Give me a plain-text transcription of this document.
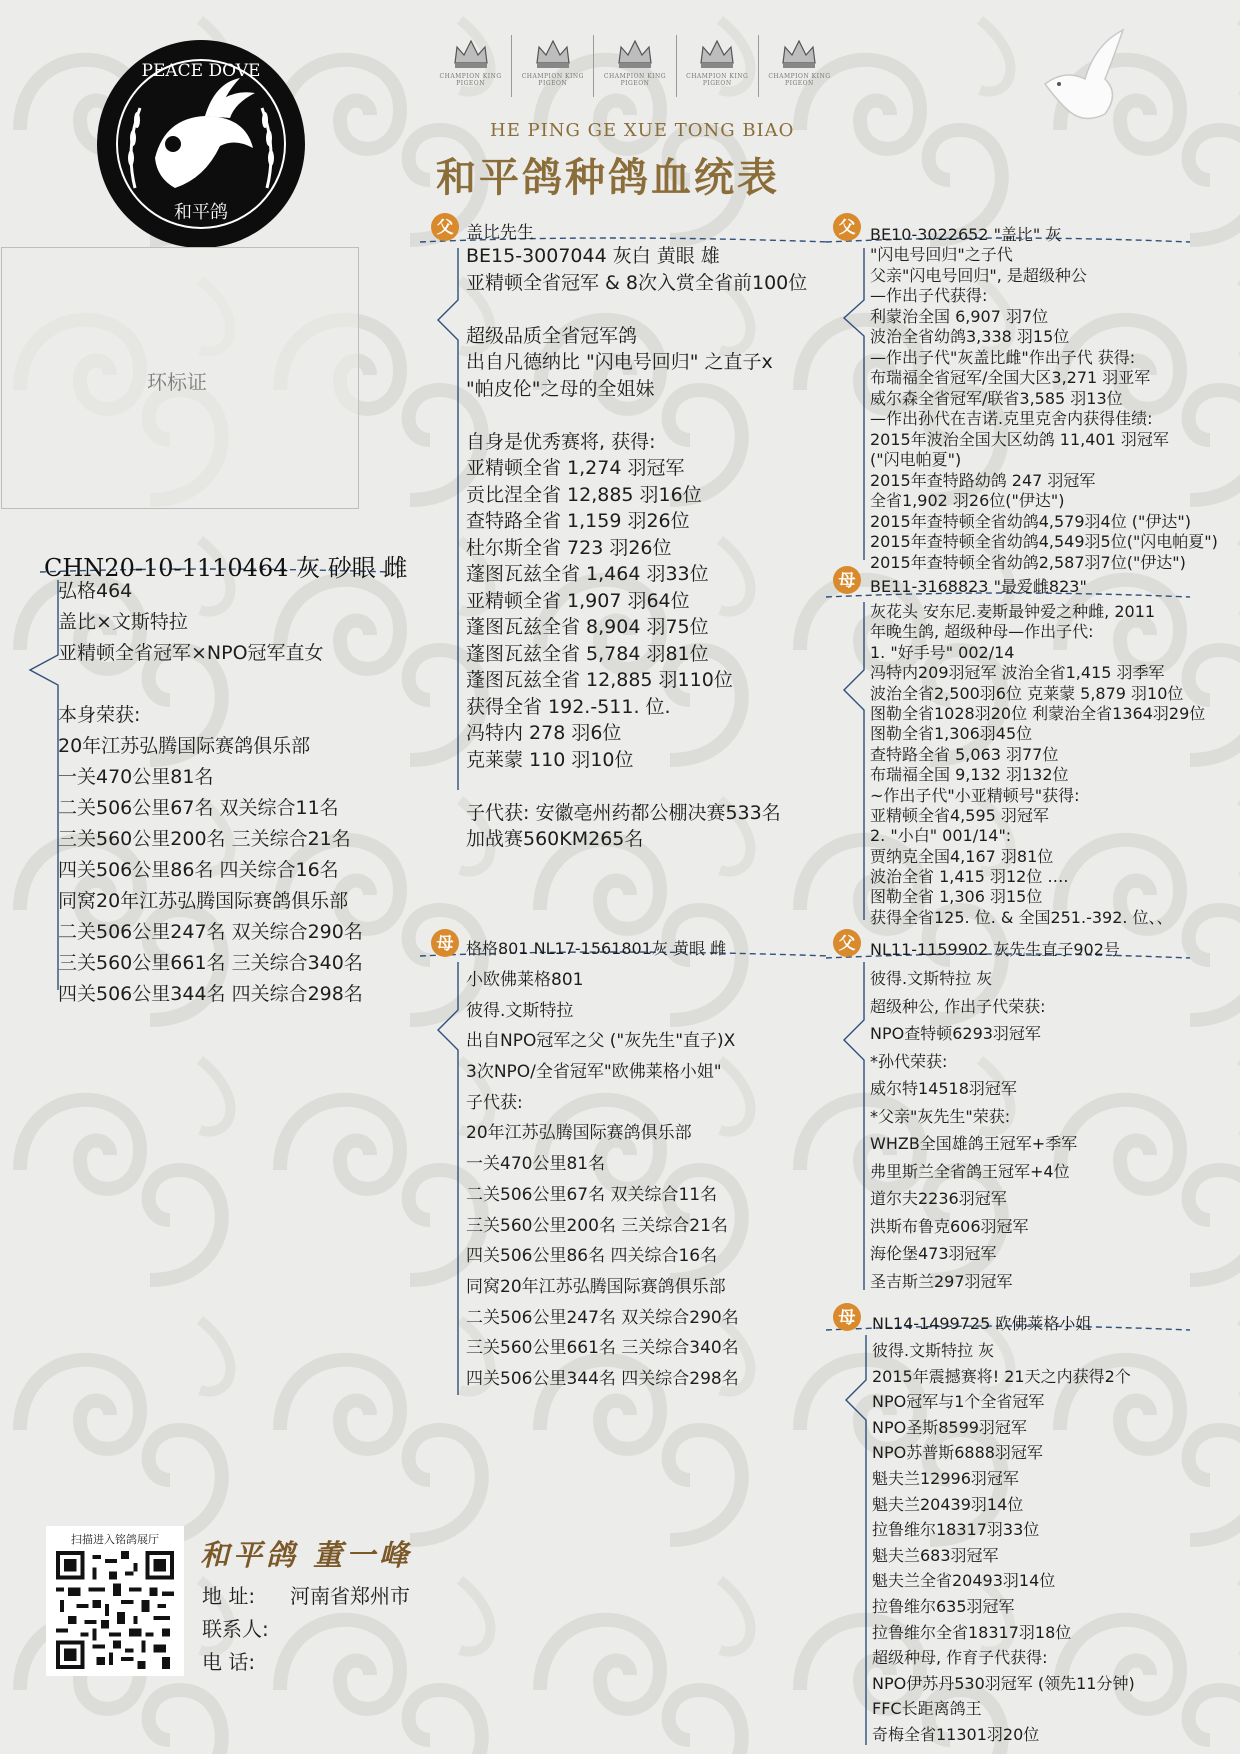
PEACE DOVE
和平鸽
CHAMPION KING PIGEON
CHAMPION KING PIGEON
CHAMPION KING PIGEON
CHAMPION KING PIGEON
CHAMPION KING PIGEON
HE PING GE XUE TONG BIAO
和平鸽种鸽血统表
环标证
CHN20-10-1110464 灰 砂眼 雌
弘格464
盖比×文斯特拉
亚精顿全省冠军×NPO冠军直女
本身荣获:
20年江苏弘腾国际赛鸽俱乐部
一关470公里81名
二关506公里67名 双关综合11名
三关560公里200名 三关综合21名
四关506公里86名 四关综合16名
同窝20年江苏弘腾国际赛鸽俱乐部
二关506公里247名 双关综合290名
三关560公里661名 三关综合340名
四关506公里344名 四关综合298名
父 盖比先生
BE15-3007044 灰白 黄眼 雄
亚精顿全省冠军 & 8次入赏全省前100位
超级品质全省冠军鸽
出自凡德纳比 "闪电号回归" 之直子x
"帕皮伦"之母的全姐妹
自身是优秀赛将, 获得:
亚精顿全省 1,274 羽冠军
贡比涅全省 12,885 羽16位
查特路全省 1,159 羽26位
杜尔斯全省 723 羽26位
蓬图瓦兹全省 1,464 羽33位
亚精顿全省 1,907 羽64位
蓬图瓦兹全省 8,904 羽75位
蓬图瓦兹全省 5,784 羽81位
蓬图瓦兹全省 12,885 羽110位
获得全省 192.-511. 位.
冯特内 278 羽6位
克莱蒙 110 羽10位
子代获: 安徽亳州药都公棚决赛533名
加战赛560KM265名
母 格格801 NL17-1561801灰 黄眼 雌
小欧佛莱格801
彼得.文斯特拉
出自NPO冠军之父 ("灰先生"直子)X
3次NPO/全省冠军"欧佛莱格小姐"
子代获:
20年江苏弘腾国际赛鸽俱乐部
一关470公里81名
二关506公里67名 双关综合11名
三关560公里200名 三关综合21名
四关506公里86名 四关综合16名
同窝20年江苏弘腾国际赛鸽俱乐部
二关506公里247名 双关综合290名
三关560公里661名 三关综合340名
四关506公里344名 四关综合298名
父 BE10-3022652 "盖比" 灰
"闪电号回归"之子代
父亲"闪电号回归", 是超级种公
—作出子代获得:
利蒙治全国 6,907 羽7位
波治全省幼鸽3,338 羽15位
—作出子代"灰盖比雌"作出子代 获得:
布瑞福全省冠军/全国大区3,271 羽亚军
威尔森全省冠军/联省3,585 羽13位
—作出孙代在吉诺.克里克舍内获得佳绩:
2015年波治全国大区幼鸽 11,401 羽冠军
("闪电帕夏")
2015年查特路幼鸽 247 羽冠军
全省1,902 羽26位("伊达")
2015年查特顿全省幼鸽4,579羽4位 ("伊达")
2015年查特顿全省幼鸽4,549羽5位("闪电帕夏")
2015年查特顿全省幼鸽2,587羽7位("伊达")
母 BE11-3168823 "最爱雌823"
灰花头 安东尼.麦斯最钟爱之种雌, 2011
年晚生鸽, 超级种母—作出子代:
1. "好手号" 002/14
冯特内209羽冠军 波治全省1,415 羽季军
波治全省2,500羽6位 克莱蒙 5,879 羽10位
图勒全省1028羽20位 利蒙治全省1364羽29位
图勒全省1,306羽45位
查特路全省 5,063 羽77位
布瑞福全国 9,132 羽132位
~作出子代"小亚精顿号"获得:
亚精顿全省4,595 羽冠军
2. "小白" 001/14":
贾纳克全国4,167 羽81位
波治全省 1,415 羽12位 ….
图勒全省 1,306 羽15位
获得全省125. 位. & 全国251.-392. 位、、
父 NL11-1159902 灰先生直子902号
彼得.文斯特拉 灰
超级种公, 作出子代荣获:
NPO查特顿6293羽冠军
*孙代荣获:
威尔特14518羽冠军
*父亲"灰先生"荣获:
WHZB全国雄鸽王冠军+季军
弗里斯兰全省鸽王冠军+4位
道尔夫2236羽冠军
洪斯布鲁克606羽冠军
海伦堡473羽冠军
圣吉斯兰297羽冠军
母 NL14-1499725 欧佛莱格小姐
彼得.文斯特拉 灰
2015年震撼赛将! 21天之内获得2个
NPO冠军与1个全省冠军
NPO圣斯8599羽冠军
NPO苏普斯6888羽冠军
魁夫兰12996羽冠军
魁夫兰20439羽14位
拉鲁维尔18317羽33位
魁夫兰683羽冠军
魁夫兰全省20493羽14位
拉鲁维尔635羽冠军
拉鲁维尔全省18317羽18位
超级种母, 作育子代获得:
NPO伊苏丹530羽冠军 (领先11分钟)
FFC长距离鸽王
奇梅全省11301羽20位
扫描进入铭鸽展厅	和平鸽 董一峰
地 址: 河南省郑州市
联系人:
电 话:
